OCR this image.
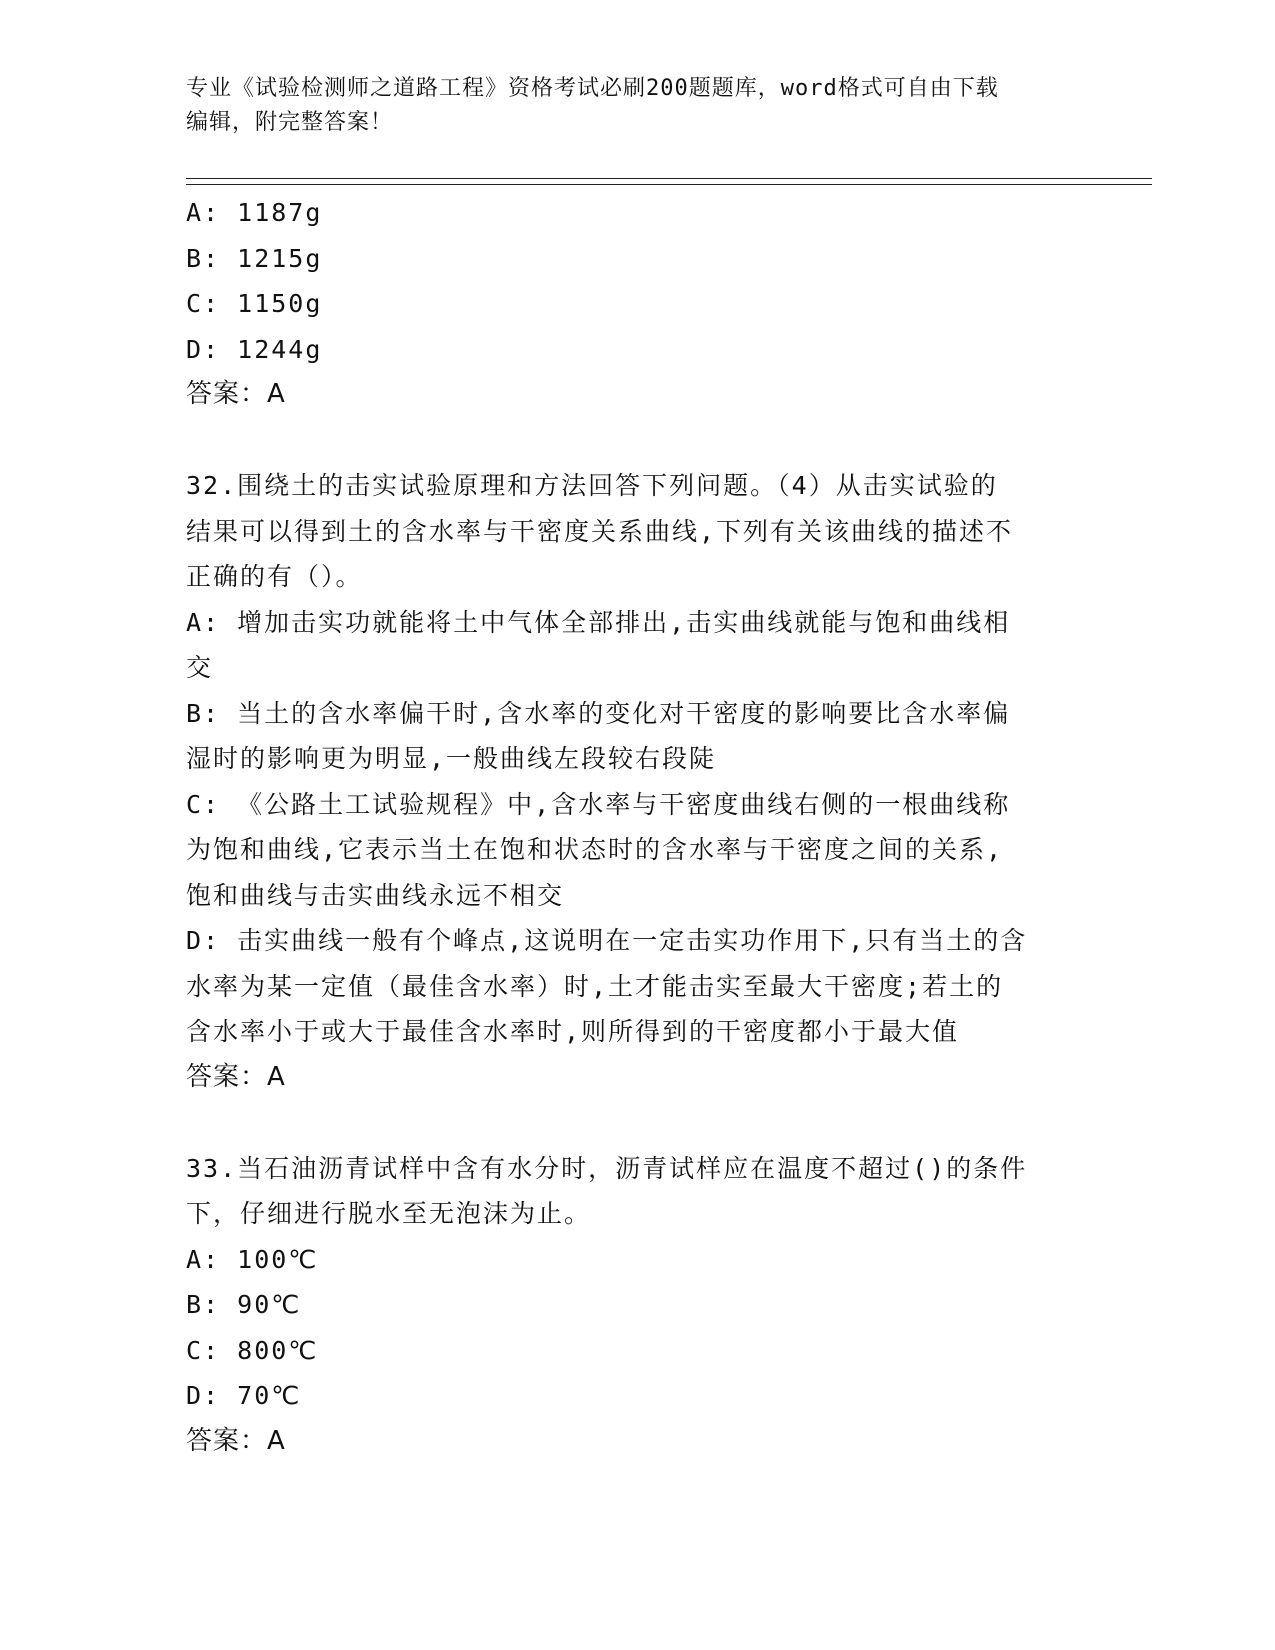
专业《试验检测师之道路工程》资格考试必刷200题题库，word格式可自由下载
编辑，附完整答案！
A: 1187g
B: 1215g
C: 1150g
D: 1244g
答案：A
32.围绕土的击实试验原理和方法回答下列问题。（4）从击实试验的
结果可以得到土的含水率与干密度关系曲线,下列有关该曲线的描述不
正确的有（）。
A: 增加击实功就能将土中气体全部排出,击实曲线就能与饱和曲线相
交
B: 当土的含水率偏干时,含水率的变化对干密度的影响要比含水率偏
湿时的影响更为明显,一般曲线左段较右段陡
C: 《公路土工试验规程》中,含水率与干密度曲线右侧的一根曲线称
为饱和曲线,它表示当土在饱和状态时的含水率与干密度之间的关系,
饱和曲线与击实曲线永远不相交
D: 击实曲线一般有个峰点,这说明在一定击实功作用下,只有当土的含
水率为某一定值（最佳含水率）时,土才能击实至最大干密度;若土的
含水率小于或大于最佳含水率时,则所得到的干密度都小于最大值
答案：A
33.当石油沥青试样中含有水分时，沥青试样应在温度不超过()的条件
下，仔细进行脱水至无泡沫为止。
A: 100℃
B: 90℃
C: 800℃
D: 70℃
答案：A
